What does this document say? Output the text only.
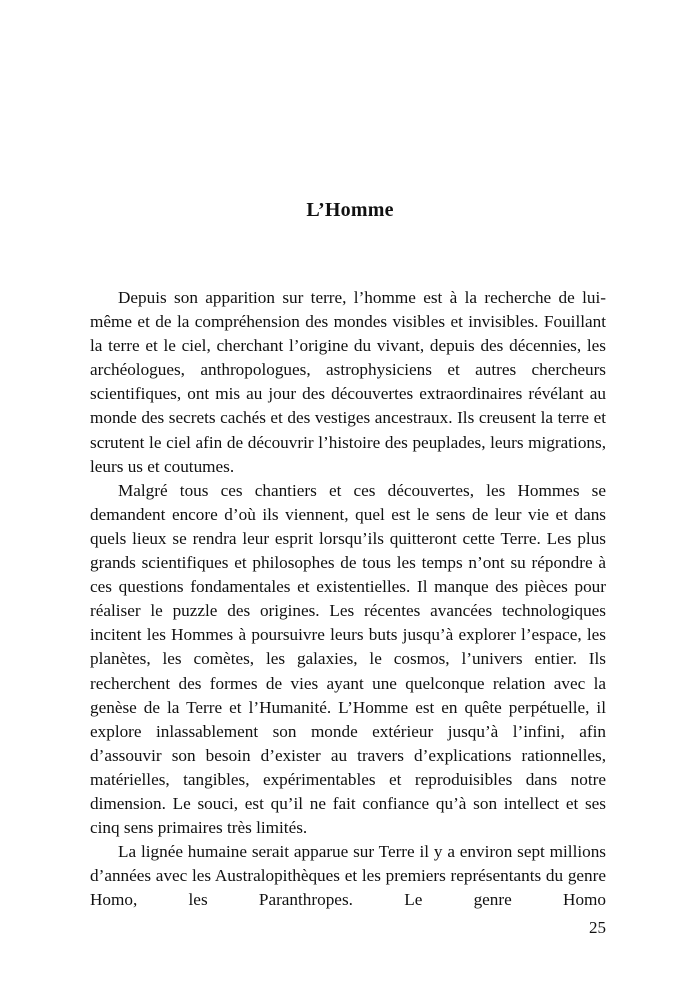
L’Homme

Depuis son apparition sur terre, l’homme est à la recherche de lui-même et de la compréhension des mondes visibles et invisibles. Fouillant la terre et le ciel, cherchant l’origine du vivant, depuis des décennies, les archéologues, anthropologues, astrophysiciens et autres chercheurs scientifiques, ont mis au jour des découvertes extraordinaires révélant au monde des secrets cachés et des vestiges ancestraux. Ils creusent la terre et scrutent le ciel afin de découvrir l’histoire des peuplades, leurs migrations, leurs us et coutumes.

Malgré tous ces chantiers et ces découvertes, les Hommes se demandent encore d’où ils viennent, quel est le sens de leur vie et dans quels lieux se rendra leur esprit lorsqu’ils quitteront cette Terre. Les plus grands scientifiques et philosophes de tous les temps n’ont su répondre à ces questions fondamentales et existentielles. Il manque des pièces pour réaliser le puzzle des origines. Les récentes avancées technologiques incitent les Hommes à poursuivre leurs buts jusqu’à explorer l’espace, les planètes, les comètes, les galaxies, le cosmos, l’univers entier. Ils recherchent des formes de vies ayant une quelconque relation avec la genèse de la Terre et l’Humanité. L’Homme est en quête perpétuelle, il explore inlassablement son monde extérieur jusqu’à l’infini, afin d’assouvir son besoin d’exister au travers d’explications rationnelles, matérielles, tangibles, expérimentables et reproduisibles dans notre dimension. Le souci, est qu’il ne fait confiance qu’à son intellect et ses cinq sens primaires très limités.

La lignée humaine serait apparue sur Terre il y a environ sept millions d’années avec les Australopithèques et les premiers représentants du genre Homo, les Paranthropes. Le genre Homo

25
